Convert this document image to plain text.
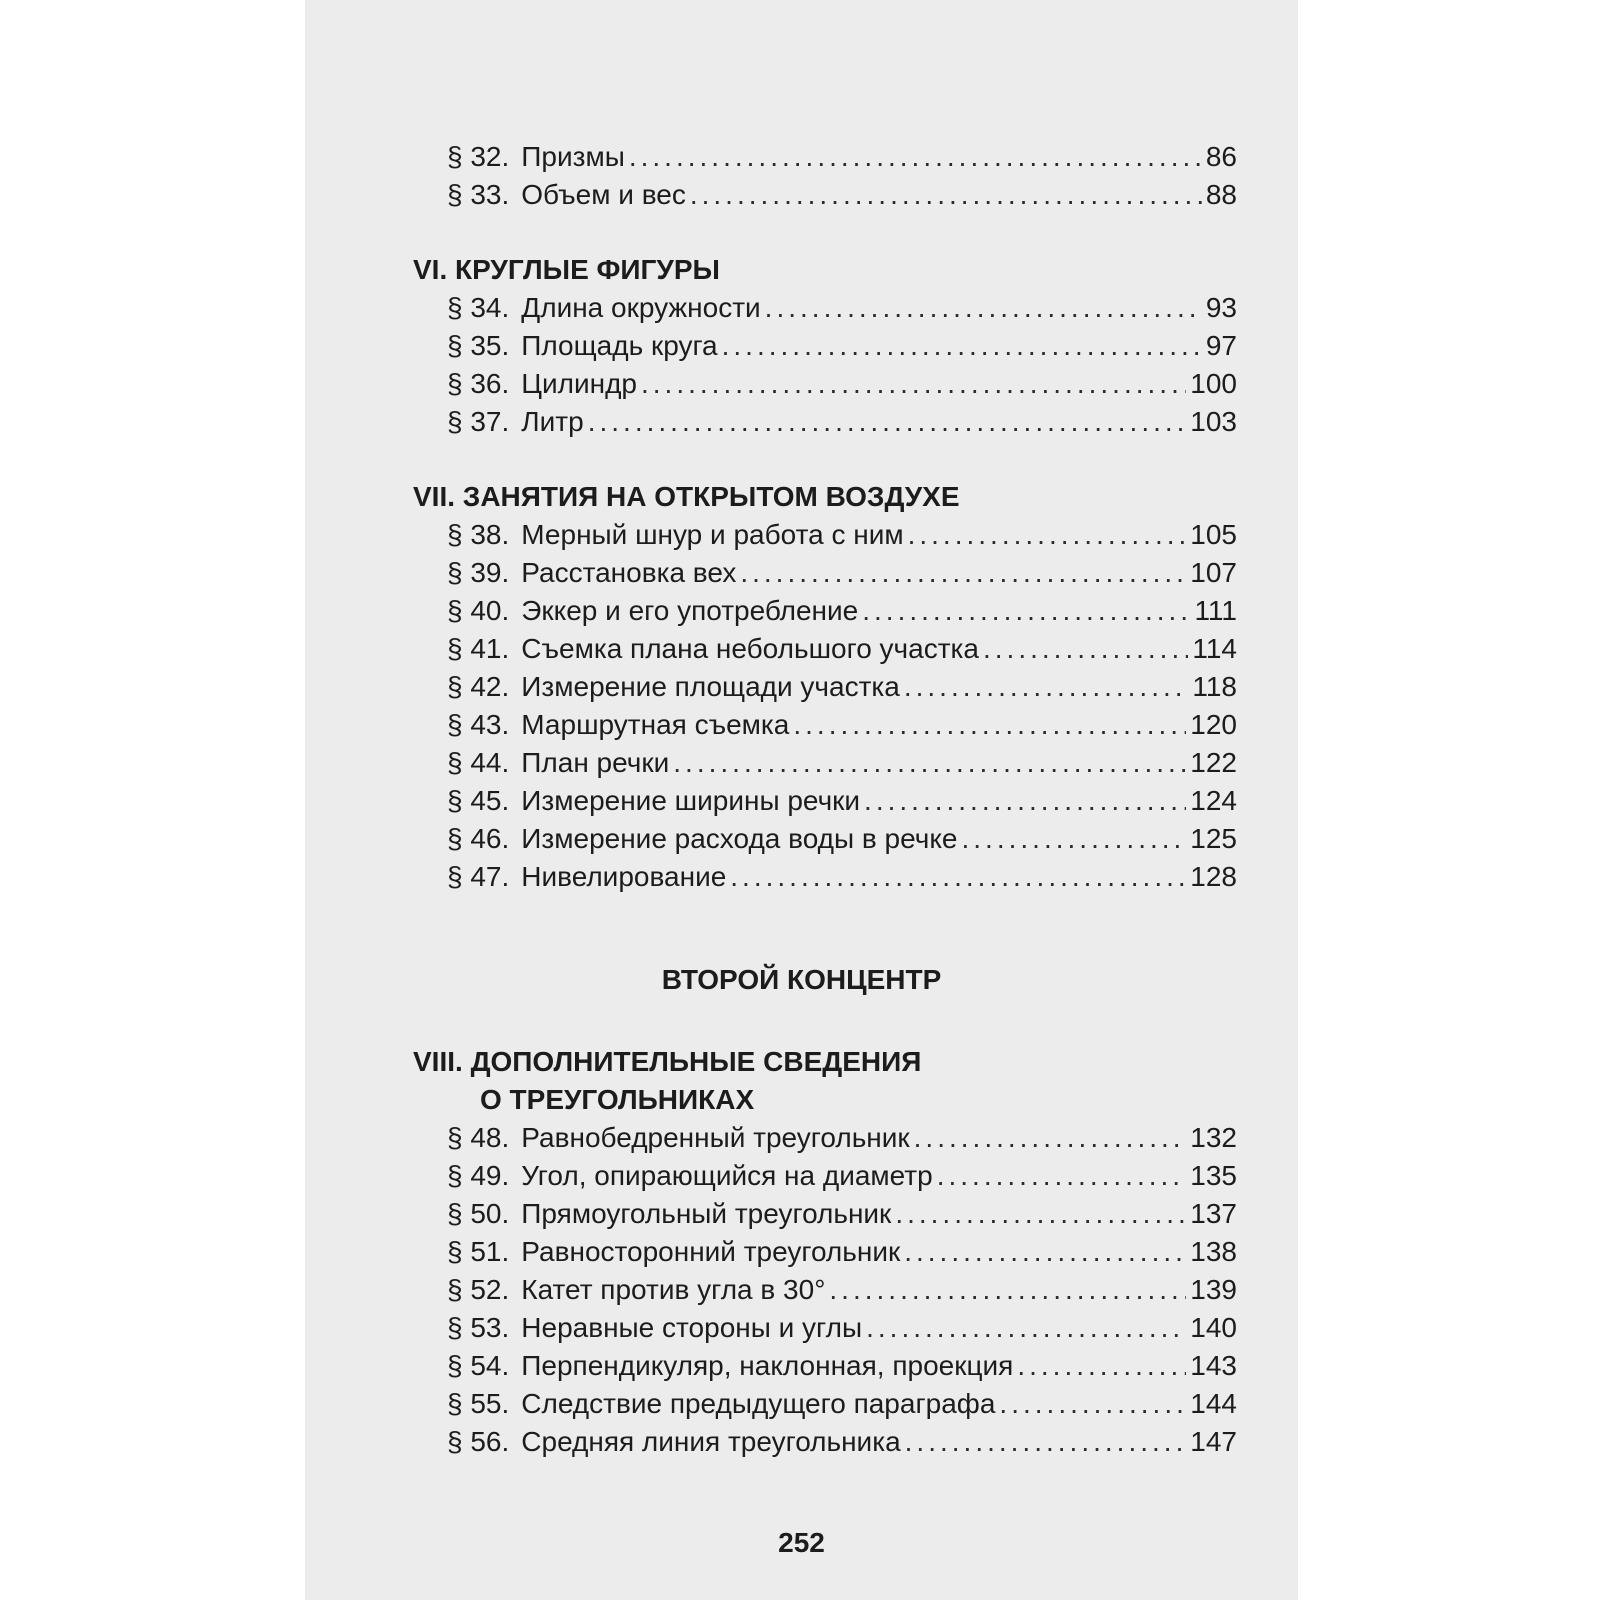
§ 32. Призмы .....	86
§ 33. Объем и вес .....	88
VI. КРУГЛЫЕ ФИГУРЫ
§ 34. Длина окружности .....	93
§ 35. Площадь круга .....	97
§ 36. Цилиндр .....	100
§ 37. Литр .....	103
VII. ЗАНЯТИЯ НА ОТКРЫТОМ ВОЗДУХЕ
§ 38. Мерный шнур и работа с ним .....	105
§ 39. Расстановка вех .....	107
§ 40. Эккер и его употребление .....	111
§ 41. Съемка плана небольшого участка .....	114
§ 42. Измерение площади участка .....	118
§ 43. Маршрутная съемка .....	120
§ 44. План речки .....	122
§ 45. Измерение ширины речки .....	124
§ 46. Измерение расхода воды в речке .....	125
§ 47. Нивелирование .....	128
ВТОРОЙ КОНЦЕНТР
VIII. ДОПОЛНИТЕЛЬНЫЕ СВЕДЕНИЯ
О ТРЕУГОЛЬНИКАХ
§ 48. Равнобедренный треугольник .....	132
§ 49. Угол, опирающийся на диаметр .....	135
§ 50. Прямоугольный треугольник .....	137
§ 51. Равносторонний треугольник .....	138
§ 52. Катет против угла в 30° .....	139
§ 53. Неравные стороны и углы .....	140
§ 54. Перпендикуляр, наклонная, проекция .....	143
§ 55. Следствие предыдущего параграфа .....	144
§ 56. Средняя линия треугольника .....	147
252
